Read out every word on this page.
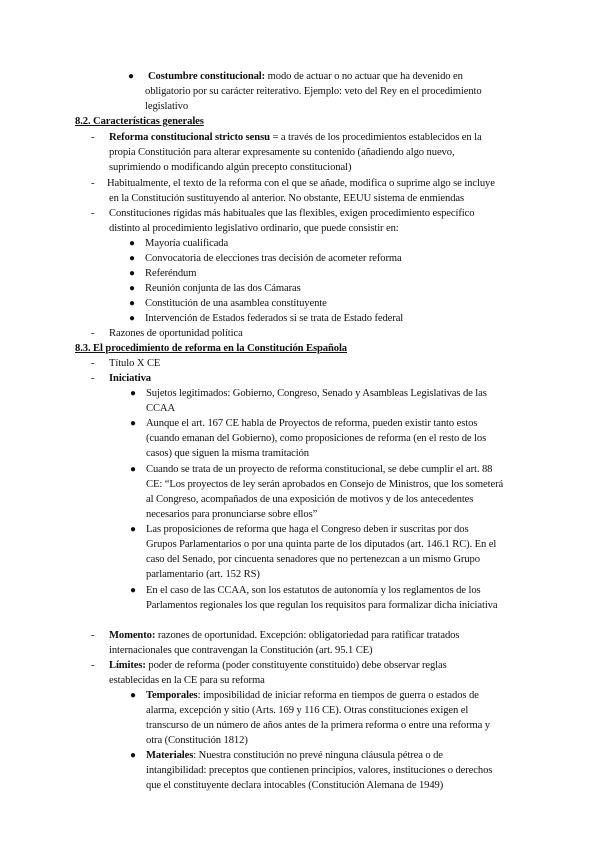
● Costumbre constitucional: modo de actuar o no actuar que ha devenido en
obligatorio por su carácter reiterativo. Ejemplo: veto del Rey en el procedimiento
legislativo
8.2. Características generales
- Reforma constitucional stricto sensu = a través de los procedimientos establecidos en la
propia Constitución para alterar expresamente su contenido (añadiendo algo nuevo,
suprimiendo o modificando algún precepto constitucional)
- Habitualmente, el texto de la reforma con el que se añade, modifica o suprime algo se incluye
en la Constitución sustituyendo al anterior. No obstante, EEUU sistema de enmiendas
- Constituciones rígidas más habituales que las flexibles, exigen procedimiento específico
distinto al procedimiento legislativo ordinario, que puede consistir en:
● Mayoría cualificada
● Convocatoria de elecciones tras decisión de acometer reforma
● Referéndum
● Reunión conjunta de las dos Cámaras
● Constitución de una asamblea constituyente
● Intervención de Estados federados si se trata de Estado federal
- Razones de oportunidad política
8.3. El procedimiento de reforma en la Constitución Española
- Título X CE
- Iniciativa
● Sujetos legitimados: Gobierno, Congreso, Senado y Asambleas Legislativas de las
CCAA
● Aunque el art. 167 CE habla de Proyectos de reforma, pueden existir tanto estos
(cuando emanan del Gobierno), como proposiciones de reforma (en el resto de los
casos) que siguen la misma tramitación
● Cuando se trata de un proyecto de reforma constitucional, se debe cumplir el art. 88
CE: “Los proyectos de ley serán aprobados en Consejo de Ministros, que los someterá
al Congreso, acompañados de una exposición de motivos y de los antecedentes
necesarios para pronunciarse sobre ellos”
● Las proposiciones de reforma que haga el Congreso deben ir suscritas por dos
Grupos Parlamentarios o por una quinta parte de los diputados (art. 146.1 RC). En el
caso del Senado, por cincuenta senadores que no pertenezcan a un mismo Grupo
parlamentario (art. 152 RS)
● En el caso de las CCAA, son los estatutos de autonomía y los reglamentos de los
Parlamentos regionales los que regulan los requisitos para formalizar dicha iniciativa
- Momento: razones de oportunidad. Excepción: obligatoriedad para ratificar tratados
internacionales que contravengan la Constitución (art. 95.1 CE)
- Límites: poder de reforma (poder constituyente constituido) debe observar reglas
establecidas en la CE para su reforma
● Temporales: imposibilidad de iniciar reforma en tiempos de guerra o estados de
alarma, excepción y sitio (Arts. 169 y 116 CE). Otras constituciones exigen el
transcurso de un número de años antes de la primera reforma o entre una reforma y
otra (Constitución 1812)
● Materiales: Nuestra constitución no prevé ninguna cláusula pétrea o de
intangibilidad: preceptos que contienen principios, valores, instituciones o derechos
que el constituyente declara intocables (Constitución Alemana de 1949)
